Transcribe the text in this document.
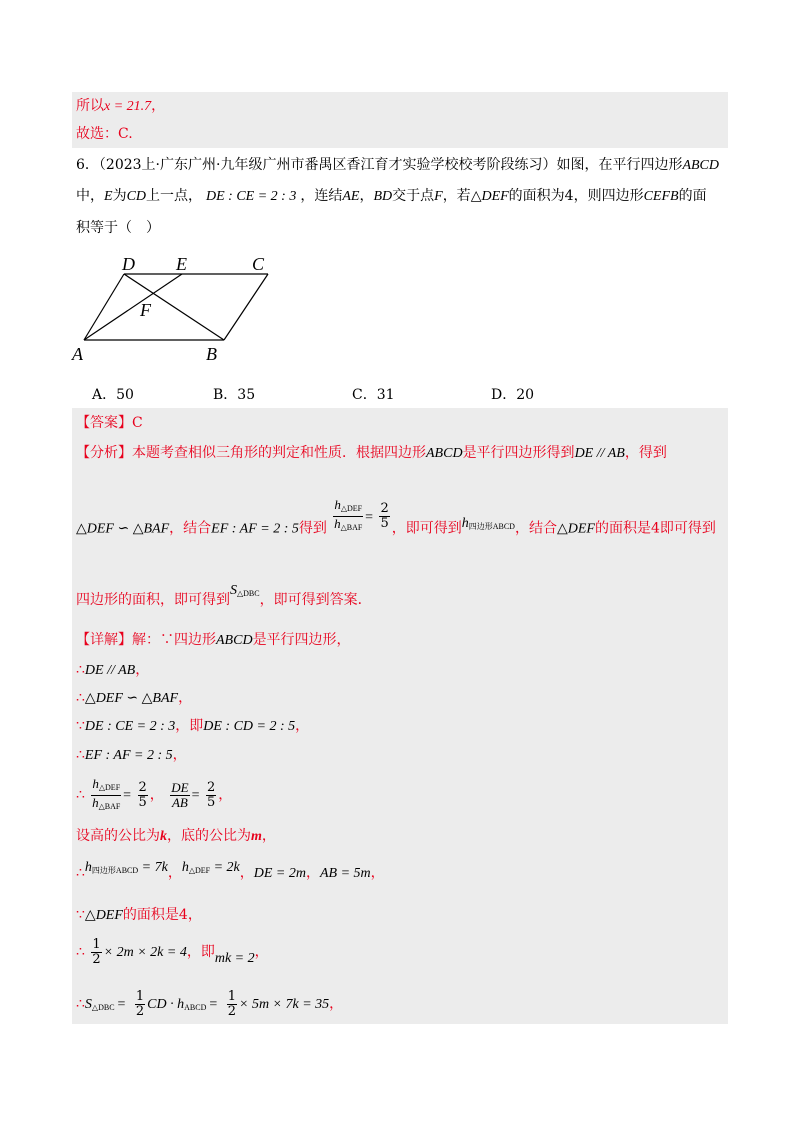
所以x = 21.7，
故选：C.
6．（2023上·广东广州·九年级广州市番禺区香江育才实验学校校考阶段练习）如图，在平行四边形ABCD
中，E为CD上一点， DE : CE = 2 : 3 ，连结AE，BD交于点F，若△DEF的面积为4，则四边形CEFB的面
积等于（　）
D E	C
F
A	B
A．50	B．35	C．31	D．20
【答案】C
【分析】本题考查相似三角形的判定和性质．根据四边形ABCD是平行四边形得到DE // AB，得到
△DEF ∽ △BAF，结合EF : AF = 2 : 5得到 $\frac{h_{\triangle DEF}}{h_{\triangle BAF}} = \frac{2}{5}$ ，即可得到$h_{四边形ABCD}$，结合△DEF的面积是4即可得到
四边形的面积，即可得到$S_{\triangle DBC}$，即可得到答案．
【详解】解：∵四边形ABCD是平行四边形，
∴DE // AB，
∴△DEF ∽ △BAF，
∵DE : CE = 2 : 3，即DE : CD = 2 : 5，
∴EF : AF = 2 : 5，
∴ $\frac{h_{\triangle DEF}}{h_{\triangle BAF}} = \frac{2}{5}$ ， $\frac{DE}{AB} = \frac{2}{5}$ ，
设高的公比为k，底的公比为m，
$\therefore h_{四边形ABCD} = 7k$，$h_{\triangle DEF} = 2k$，DE = 2m，AB = 5m，
∵△DEF的面积是4，
∴ $\frac{1}{2} \times 2m \times 2k = 4$，即mk = 2，
$\therefore S_{\triangle DBC} = \frac{1}{2}$ CD · $h_{ABCD} = \frac{1}{2} \times 5m \times 7k = 35$，
